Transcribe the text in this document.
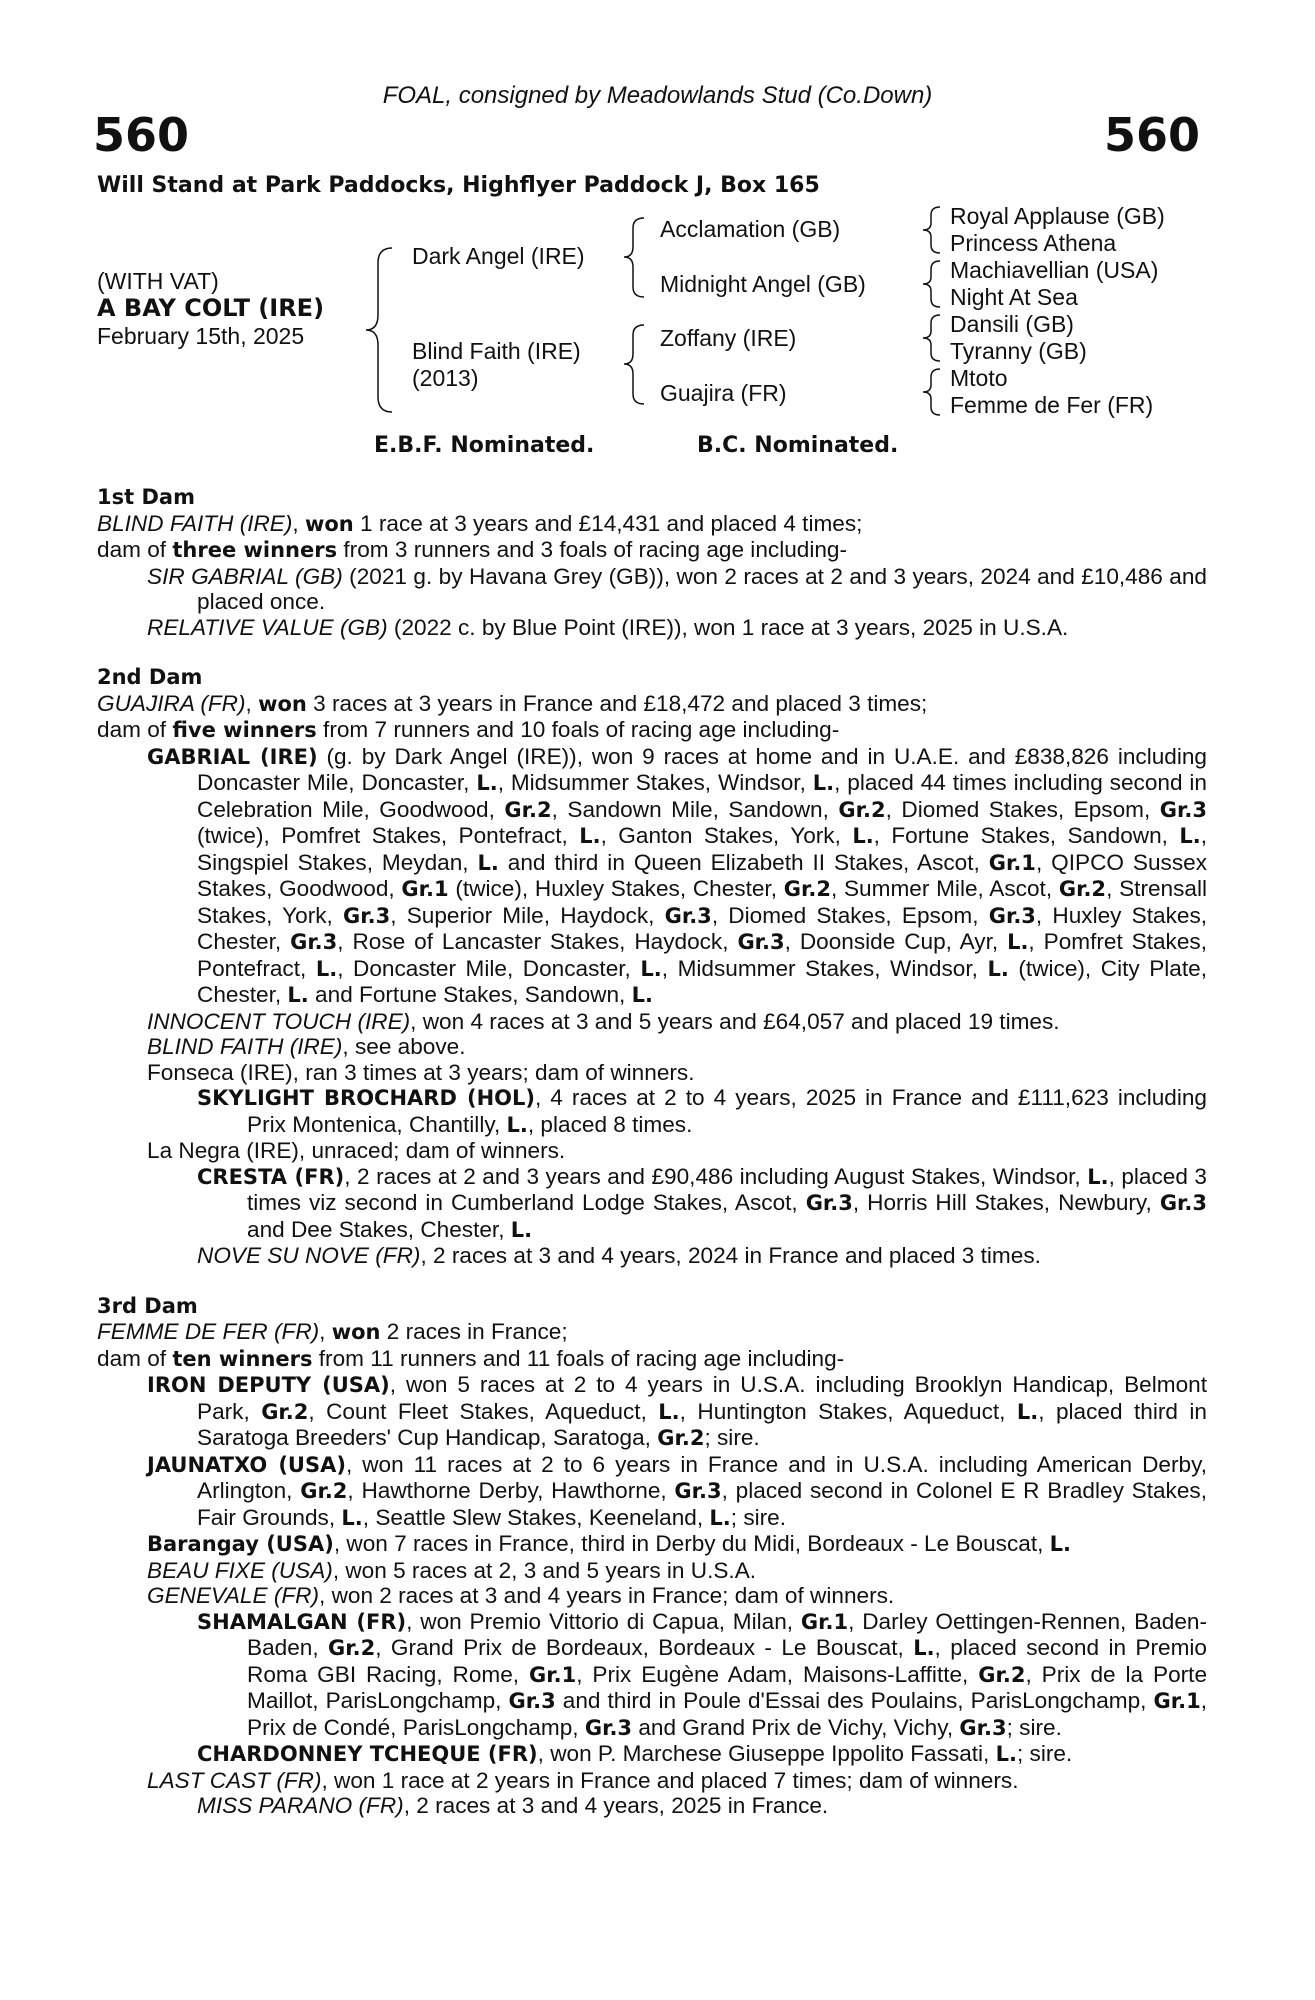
FOAL, consigned by Meadowlands Stud (Co.Down)
560	560
Will Stand at Park Paddocks, Highflyer Paddock J, Box 165
(WITH VAT)
A BAY COLT (IRE)
February 15th, 2025
Dark Angel (IRE)
Blind Faith (IRE)
(2013)
Acclamation (GB)
Midnight Angel (GB)
Zoffany (IRE)
Guajira (FR)
Royal Applause (GB)
Princess Athena
Machiavellian (USA)
Night At Sea
Dansili (GB)
Tyranny (GB)
Mtoto
Femme de Fer (FR)
E.B.F. Nominated.	B.C. Nominated.

1st Dam

BLIND FAITH (IRE), won 1 race at 3 years and £14,431 and placed 4 times;

dam of three winners from 3 runners and 3 foals of racing age including-

SIR GABRIAL (GB) (2021 g. by Havana Grey (GB)), won 2 races at 2 and 3 years, 2024 and £10,486 and placed once.

RELATIVE VALUE (GB) (2022 c. by Blue Point (IRE)), won 1 race at 3 years, 2025 in U.S.A.

2nd Dam

GUAJIRA (FR), won 3 races at 3 years in France and £18,472 and placed 3 times;

dam of five winners from 7 runners and 10 foals of racing age including-

GABRIAL (IRE) (g. by Dark Angel (IRE)), won 9 races at home and in U.A.E. and £838,826 including Doncaster Mile, Doncaster, L., Midsummer Stakes, Windsor, L., placed 44 times including second in Celebration Mile, Goodwood, Gr.2, Sandown Mile, Sandown, Gr.2, Diomed Stakes, Epsom, Gr.3 (twice), Pomfret Stakes, Pontefract, L., Ganton Stakes, York, L., Fortune Stakes, Sandown, L., Singspiel Stakes, Meydan, L. and third in Queen Elizabeth II Stakes, Ascot, Gr.1, QIPCO Sussex Stakes, Goodwood, Gr.1 (twice), Huxley Stakes, Chester, Gr.2, Summer Mile, Ascot, Gr.2, Strensall Stakes, York, Gr.3, Superior Mile, Haydock, Gr.3, Diomed Stakes, Epsom, Gr.3, Huxley Stakes, Chester, Gr.3, Rose of Lancaster Stakes, Haydock, Gr.3, Doonside Cup, Ayr, L., Pomfret Stakes, Pontefract, L., Doncaster Mile, Doncaster, L., Midsummer Stakes, Windsor, L. (twice), City Plate, Chester, L. and Fortune Stakes, Sandown, L.

INNOCENT TOUCH (IRE), won 4 races at 3 and 5 years and £64,057 and placed 19 times.

BLIND FAITH (IRE), see above.

Fonseca (IRE), ran 3 times at 3 years; dam of winners.

SKYLIGHT BROCHARD (HOL), 4 races at 2 to 4 years, 2025 in France and £111,623 including Prix Montenica, Chantilly, L., placed 8 times.

La Negra (IRE), unraced; dam of winners.

CRESTA (FR), 2 races at 2 and 3 years and £90,486 including August Stakes, Windsor, L., placed 3 times viz second in Cumberland Lodge Stakes, Ascot, Gr.3, Horris Hill Stakes, Newbury, Gr.3 and Dee Stakes, Chester, L.

NOVE SU NOVE (FR), 2 races at 3 and 4 years, 2024 in France and placed 3 times.

3rd Dam

FEMME DE FER (FR), won 2 races in France;

dam of ten winners from 11 runners and 11 foals of racing age including-

IRON DEPUTY (USA), won 5 races at 2 to 4 years in U.S.A. including Brooklyn Handicap, Belmont Park, Gr.2, Count Fleet Stakes, Aqueduct, L., Huntington Stakes, Aqueduct, L., placed third in Saratoga Breeders' Cup Handicap, Saratoga, Gr.2; sire.

JAUNATXO (USA), won 11 races at 2 to 6 years in France and in U.S.A. including American Derby, Arlington, Gr.2, Hawthorne Derby, Hawthorne, Gr.3, placed second in Colonel E R Bradley Stakes, Fair Grounds, L., Seattle Slew Stakes, Keeneland, L.; sire.

Barangay (USA), won 7 races in France, third in Derby du Midi, Bordeaux - Le Bouscat, L.

BEAU FIXE (USA), won 5 races at 2, 3 and 5 years in U.S.A.

GENEVALE (FR), won 2 races at 3 and 4 years in France; dam of winners.

SHAMALGAN (FR), won Premio Vittorio di Capua, Milan, Gr.1, Darley Oettingen-Rennen, Baden-Baden, Gr.2, Grand Prix de Bordeaux, Bordeaux - Le Bouscat, L., placed second in Premio Roma GBI Racing, Rome, Gr.1, Prix Eugène Adam, Maisons-Laffitte, Gr.2, Prix de la Porte Maillot, ParisLongchamp, Gr.3 and third in Poule d'Essai des Poulains, ParisLongchamp, Gr.1, Prix de Condé, ParisLongchamp, Gr.3 and Grand Prix de Vichy, Vichy, Gr.3; sire.

CHARDONNEY TCHEQUE (FR), won P. Marchese Giuseppe Ippolito Fassati, L.; sire.

LAST CAST (FR), won 1 race at 2 years in France and placed 7 times; dam of winners.

MISS PARANO (FR), 2 races at 3 and 4 years, 2025 in France.
